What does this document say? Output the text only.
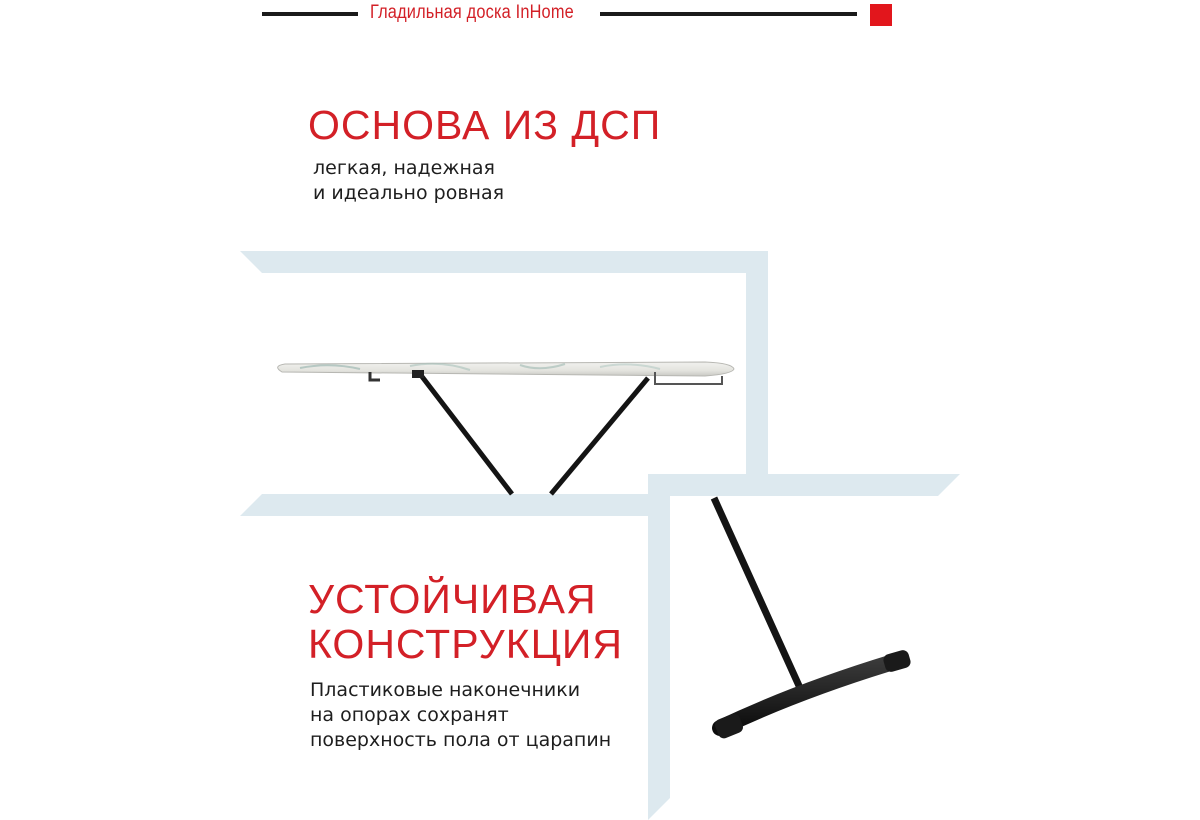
Гладильная доска InHome
ОСНОВА ИЗ ДСП

легкая, надежная

и идеально ровная

УСТОЙЧИВАЯ
КОНСТРУКЦИЯ

Пластиковые наконечники

на опорах сохранят

поверхность пола от царапин
